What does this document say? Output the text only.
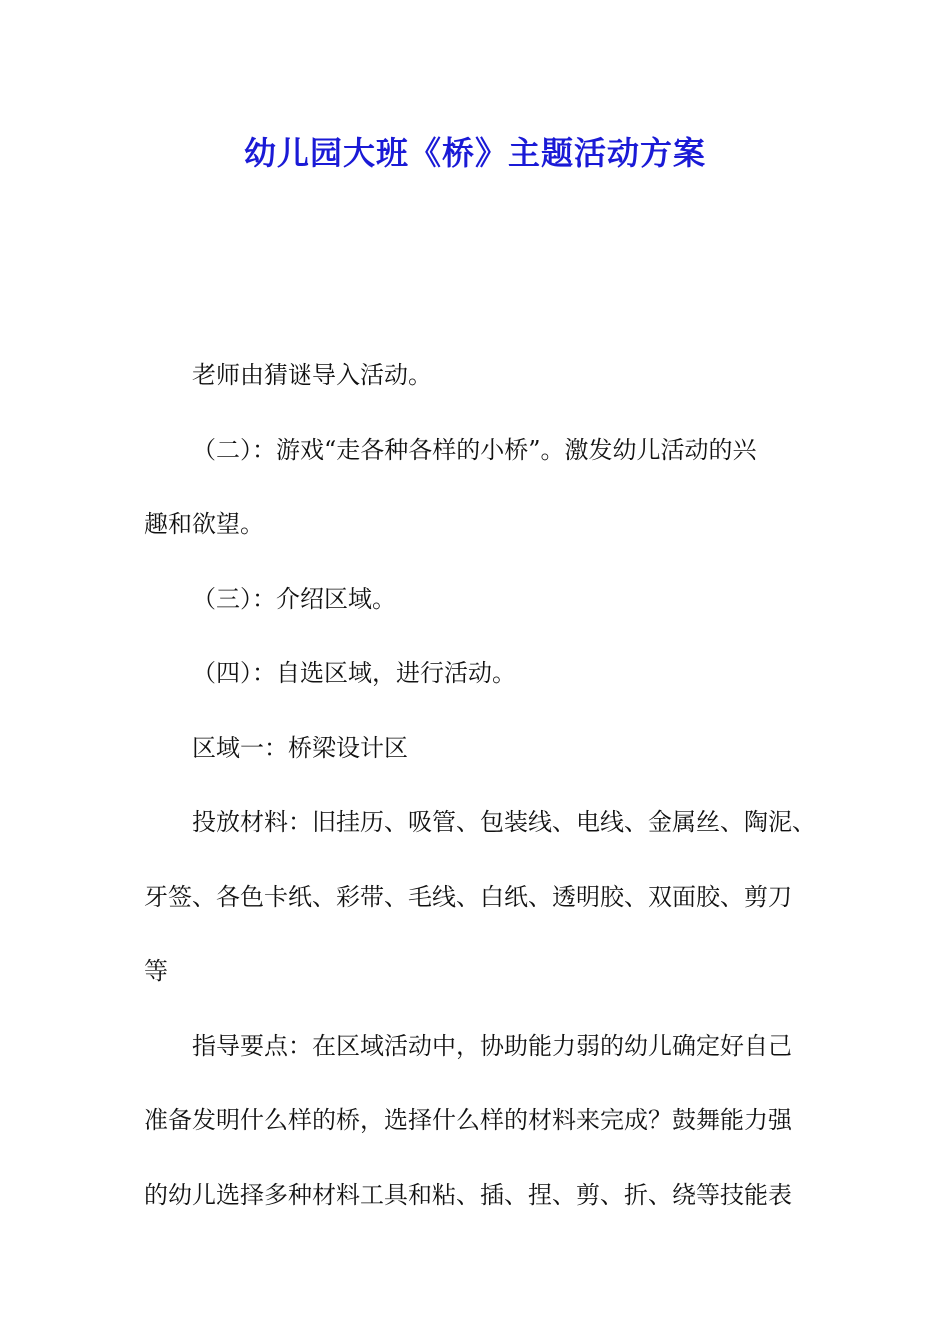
幼儿园大班《桥》主题活动方案

老师由猜谜导入活动。

（二）：游戏“走各种各样的小桥”。激发幼儿活动的兴
趣和欲望。

（三）：介绍区域。

（四）：自选区域，进行活动。

区域一：桥梁设计区

投放材料：旧挂历、吸管、包装线、电线、金属丝、陶泥、
牙签、各色卡纸、彩带、毛线、白纸、透明胶、双面胶、剪刀
等

指导要点：在区域活动中，协助能力弱的幼儿确定好自己
准备发明什么样的桥，选择什么样的材料来完成？鼓舞能力强
的幼儿选择多种材料工具和粘、插、捏、剪、折、绕等技能表
